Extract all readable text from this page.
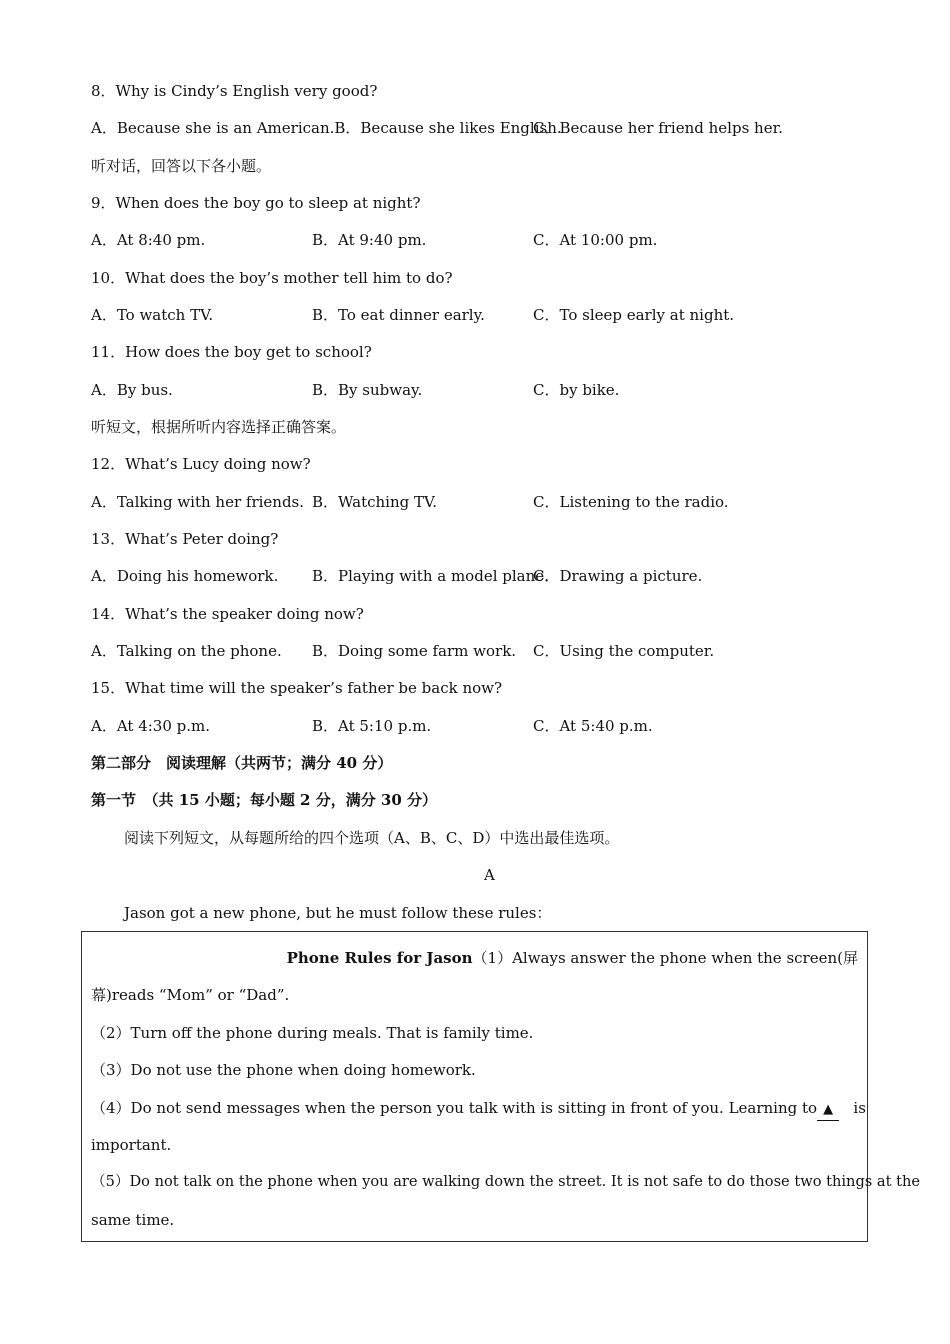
8．Why is Cindy’s English very good?
A．Because she is an American.B．Because she likes English.
C．Because her friend helps her.
听对话，回答以下各小题。
9．When does the boy go to sleep at night?
A．At 8:40 pm.	B．At 9:40 pm.	C．At 10:00 pm.
10．What does the boy’s mother tell him to do?
A．To watch TV.	B．To eat dinner early.	C．To sleep early at night.
11．How does the boy get to school?
A．By bus.	B．By subway.	C．by bike.
听短文，根据所听内容选择正确答案。
12．What’s Lucy doing now?
A．Talking with her friends. B．Watching TV.	C．Listening to the radio.
13．What’s Peter doing?
A．Doing his homework. B．Playing with a model plane.
C．Drawing a picture.
14．What’s the speaker doing now?
A．Talking on the phone. B．Doing some farm work. C．Using the computer.
15．What time will the speaker’s father be back now?
A．At 4:30 p.m.	B．At 5:10 p.m.	C．At 5:40 p.m.
第二部分　阅读理解（共两节；满分 40 分）
第一节　（共 15 小题；每小题 2 分，满分 30 分）
阅读下列短文，从每题所给的四个选项（A、B、C、D）中选出最佳选项。
A
Jason got a new phone, but he must follow these rules：
Phone Rules for Jason（1）Always answer the phone when the screen(屏
幕)reads “Mom” or “Dad”.
（2）Turn off the phone during meals. That is family time.
（3）Do not use the phone when doing homework.
（4）Do not send messages when the person you talk with is sitting in front of you. Learning to ▲ is
important.
（5）Do not talk on the phone when you are walking down the street. It is not safe to do those two things at the
same time.
